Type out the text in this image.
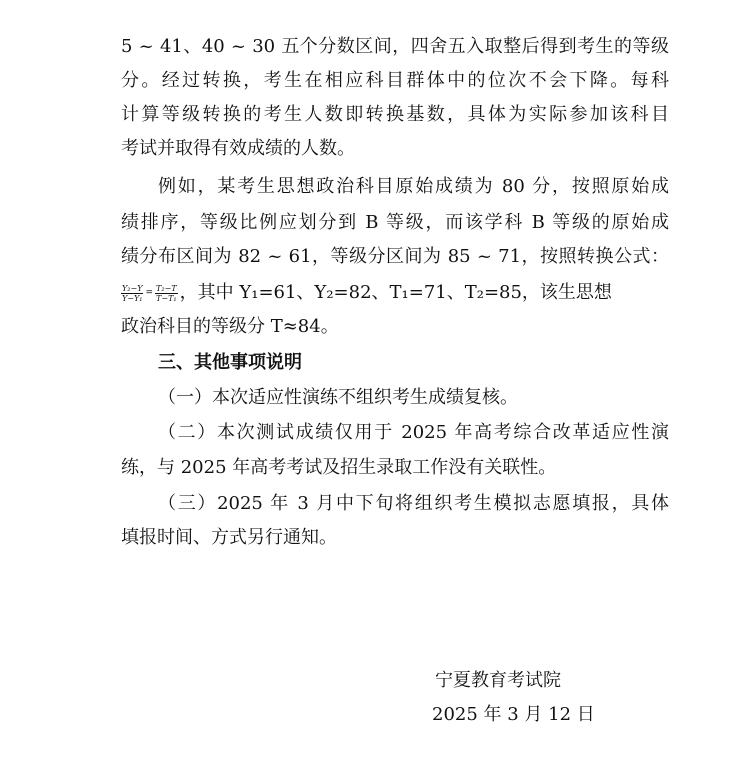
5 ~ 41、40 ~ 30 五个分数区间，四舍五入取整后得到考生的等级
分。经过转换，考生在相应科目群体中的位次不会下降。每科
计算等级转换的考生人数即转换基数，具体为实际参加该科目
考试并取得有效成绩的人数。
例如，某考生思想政治科目原始成绩为 80 分，按照原始成
绩排序，等级比例应划分到 B 等级，而该学科 B 等级的原始成
绩分布区间为 82 ~ 61，等级分区间为 85 ~ 71，按照转换公式：
$\frac{\text{Y₂−Y}}{\text{Y−Y₁}} = \frac{\text{T₂−T}}{\text{T−T₁}}$ ，其中 Y₁=61、Y₂=82、T₁=71、T₂=85，该生思想
政治科目的等级分 T≈84。
三、其他事项说明
（一）本次适应性演练不组织考生成绩复核。
（二）本次测试成绩仅用于 2025 年高考综合改革适应性演
练，与 2025 年高考考试及招生录取工作没有关联性。
（三）2025 年 3 月中下旬将组织考生模拟志愿填报，具体
填报时间、方式另行通知。
宁夏教育考试院
2025 年 3 月 12 日
